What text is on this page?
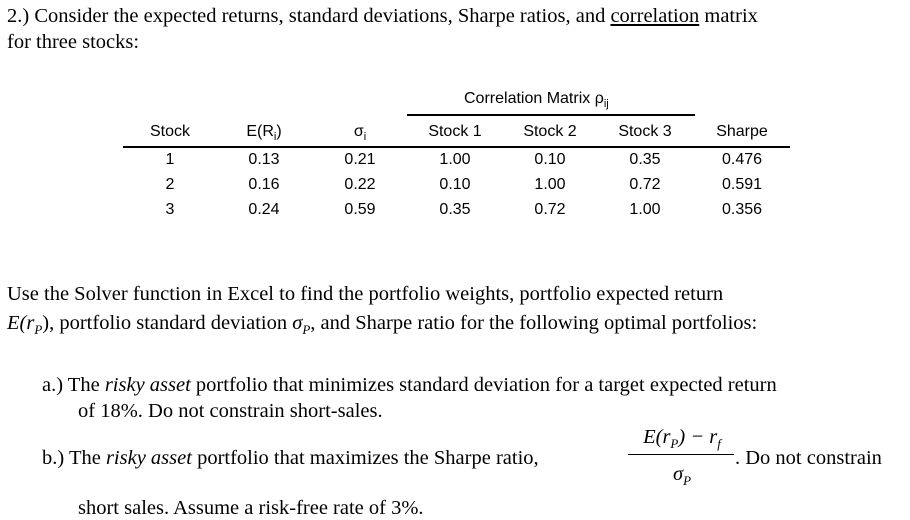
2.) Consider the expected returns, standard deviations, Sharpe ratios, and correlation matrix
for three stocks:
Correlation Matrix $\rho_{ij}$
Stock	$E(R_i)$	$\sigma_i$	Stock 1	Stock 2	Stock 3	Sharpe
1	0.13	0.21	1.00	0.10	0.35	0.476
2	0.16	0.22	0.10	1.00	0.72	0.591
3	0.24	0.59	0.35	0.72	1.00	0.356
Use the Solver function in Excel to find the portfolio weights, portfolio expected return
$E(r_P)$, portfolio standard deviation $\sigma_P$, and Sharpe ratio for the following optimal portfolios:
a.) The risky asset portfolio that minimizes standard deviation for a target expected return
of 18%. Do not constrain short-sales.
b.) The risky asset portfolio that maximizes the Sharpe ratio,
$E(r_P) - r_f$
$\sigma_P$
. Do not constrain
short sales. Assume a risk-free rate of 3%.
